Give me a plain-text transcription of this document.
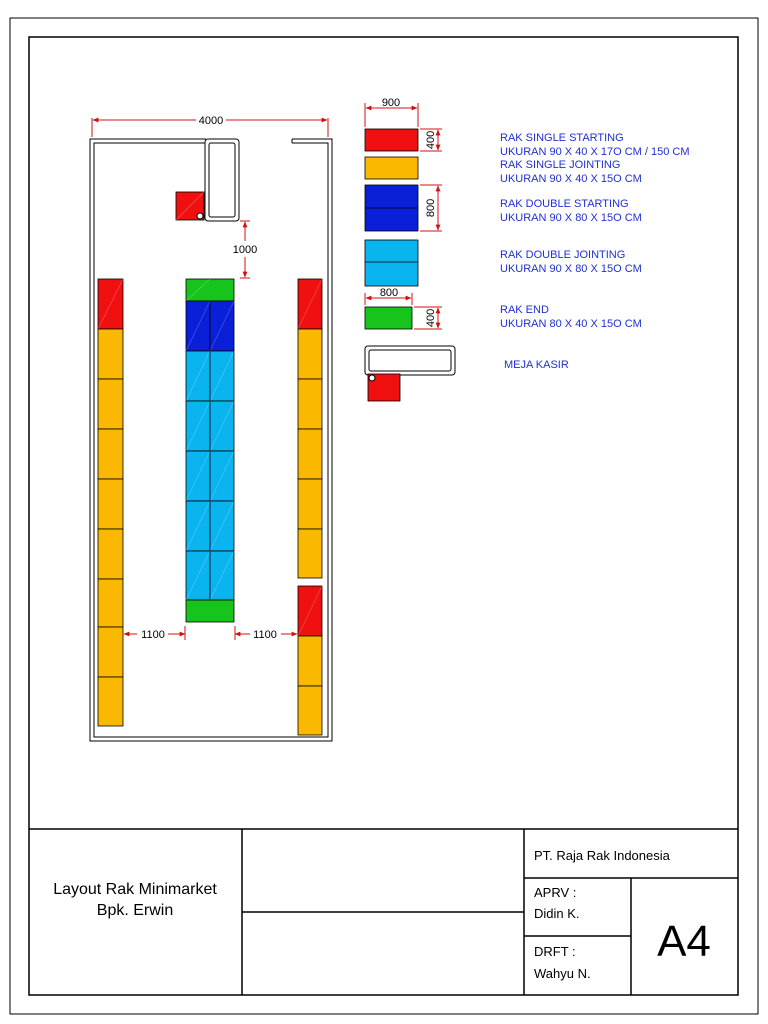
4000
1000
1100	1100
900
400
800
800
400
RAK SINGLE STARTING
UKURAN 90 X 40 X 17O CM / 150 CM
RAK SINGLE JOINTING
UKURAN 90 X 40 X 15O CM
RAK DOUBLE STARTING
UKURAN 90 X 80 X 15O CM
RAK DOUBLE JOINTING
UKURAN 90 X 80 X 15O CM
RAK END
UKURAN 80 X 40 X 15O CM
MEJA KASIR
Layout Rak Minimarket
Bpk. Erwin
PT. Raja Rak Indonesia
APRV :
Didin K.
DRFT :
Wahyu N.
A4
